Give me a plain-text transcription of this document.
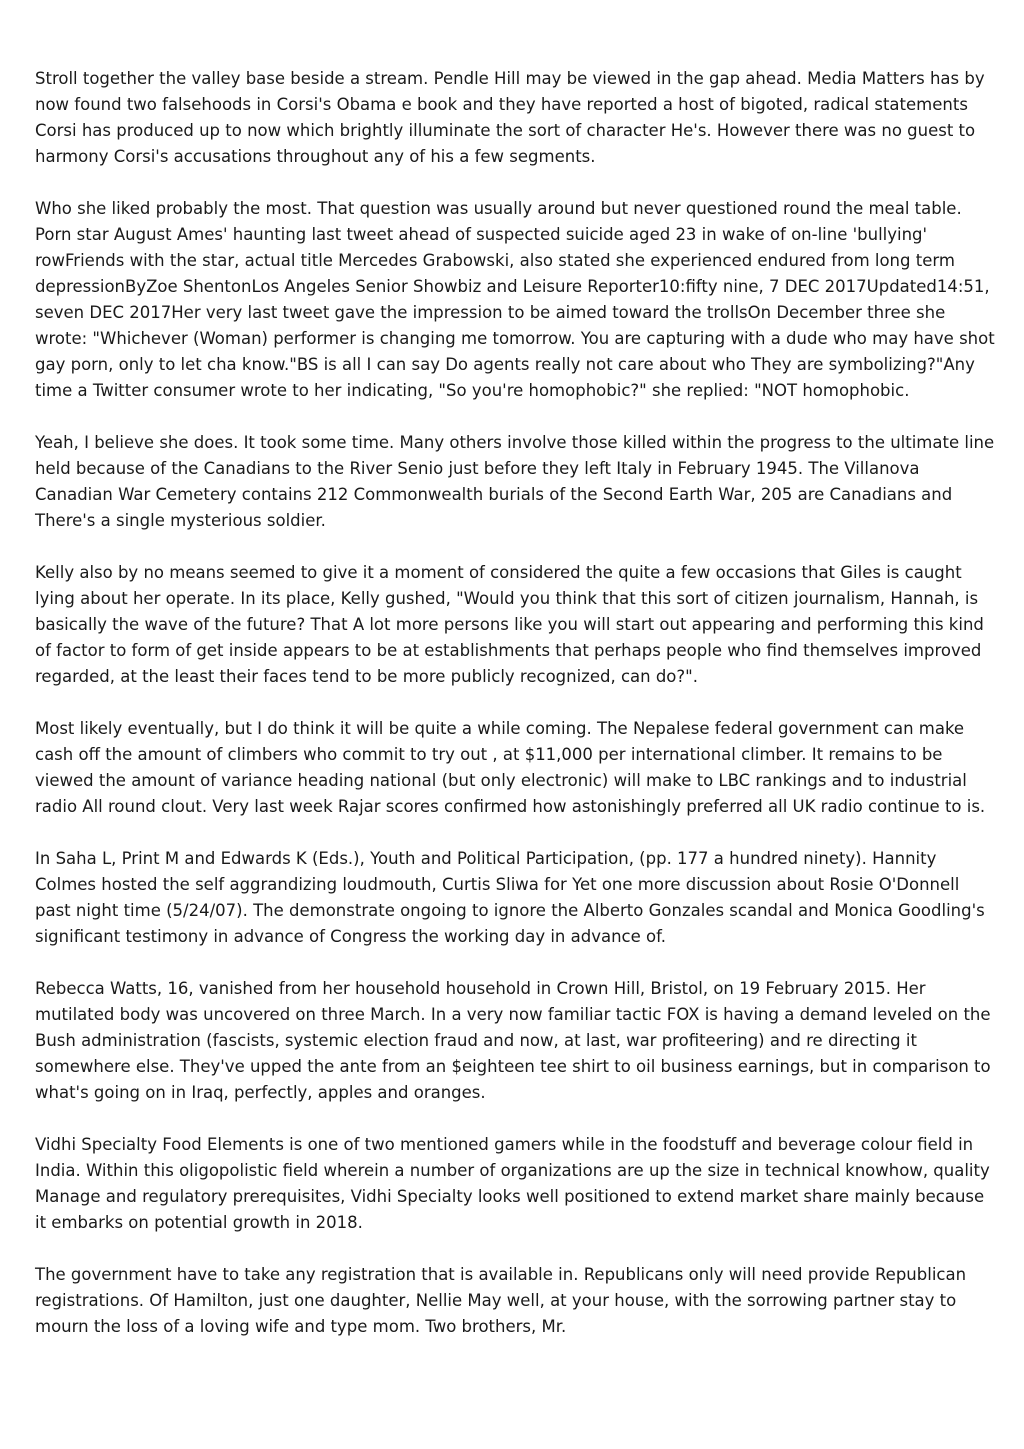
Stroll together the valley base beside a stream. Pendle Hill may be viewed in the gap ahead. Media Matters has by now found two falsehoods in Corsi's Obama e book and they have reported a host of bigoted, radical statements Corsi has produced up to now which brightly illuminate the sort of character He's. However there was no guest to harmony Corsi's accusations throughout any of his a few segments.

Who she liked probably the most. That question was usually around but never questioned round the meal table. Porn star August Ames' haunting last tweet ahead of suspected suicide aged 23 in wake of on-line 'bullying' rowFriends with the star, actual title Mercedes Grabowski, also stated she experienced endured from long term depressionByZoe ShentonLos Angeles Senior Showbiz and Leisure Reporter10:fifty nine, 7 DEC 2017Updated14:51, seven DEC 2017Her very last tweet gave the impression to be aimed toward the trollsOn December three she wrote: "Whichever (Woman) performer is changing me tomorrow. You are capturing with a dude who may have shot gay porn, only to let cha know."BS is all I can say Do agents really not care about who They are symbolizing?"Any time a Twitter consumer wrote to her indicating, "So you're homophobic?" she replied: "NOT homophobic.

Yeah, I believe she does. It took some time. Many others involve those killed within the progress to the ultimate line held because of the Canadians to the River Senio just before they left Italy in February 1945. The Villanova Canadian War Cemetery contains 212 Commonwealth burials of the Second Earth War, 205 are Canadians and There's a single mysterious soldier.

Kelly also by no means seemed to give it a moment of considered the quite a few occasions that Giles is caught lying about her operate. In its place, Kelly gushed, "Would you think that this sort of citizen journalism, Hannah, is basically the wave of the future? That A lot more persons like you will start out appearing and performing this kind of factor to form of get inside appears to be at establishments that perhaps people who find themselves improved regarded, at the least their faces tend to be more publicly recognized, can do?".

Most likely eventually, but I do think it will be quite a while coming. The Nepalese federal government can make cash off the amount of climbers who commit to try out , at $11,000 per international climber. It remains to be viewed the amount of variance heading national (but only electronic) will make to LBC rankings and to industrial radio All round clout. Very last week Rajar scores confirmed how astonishingly preferred all UK radio continue to is.

In Saha L, Print M and Edwards K (Eds.), Youth and Political Participation, (pp. 177 a hundred ninety). Hannity Colmes hosted the self aggrandizing loudmouth, Curtis Sliwa for Yet one more discussion about Rosie O'Donnell past night time (5/24/07). The demonstrate ongoing to ignore the Alberto Gonzales scandal and Monica Goodling's significant testimony in advance of Congress the working day in advance of.

Rebecca Watts, 16, vanished from her household household in Crown Hill, Bristol, on 19 February 2015. Her mutilated body was uncovered on three March. In a very now familiar tactic FOX is having a demand leveled on the Bush administration (fascists, systemic election fraud and now, at last, war profiteering) and re directing it somewhere else. They've upped the ante from an $eighteen tee shirt to oil business earnings, but in comparison to what's going on in Iraq, perfectly, apples and oranges.

Vidhi Specialty Food Elements is one of two mentioned gamers while in the foodstuff and beverage colour field in India. Within this oligopolistic field wherein a number of organizations are up the size in technical knowhow, quality Manage and regulatory prerequisites, Vidhi Specialty looks well positioned to extend market share mainly because it embarks on potential growth in 2018.

The government have to take any registration that is available in. Republicans only will need provide Republican registrations. Of Hamilton, just one daughter, Nellie May well, at your house, with the sorrowing partner stay to mourn the loss of a loving wife and type mom. Two brothers, Mr.
